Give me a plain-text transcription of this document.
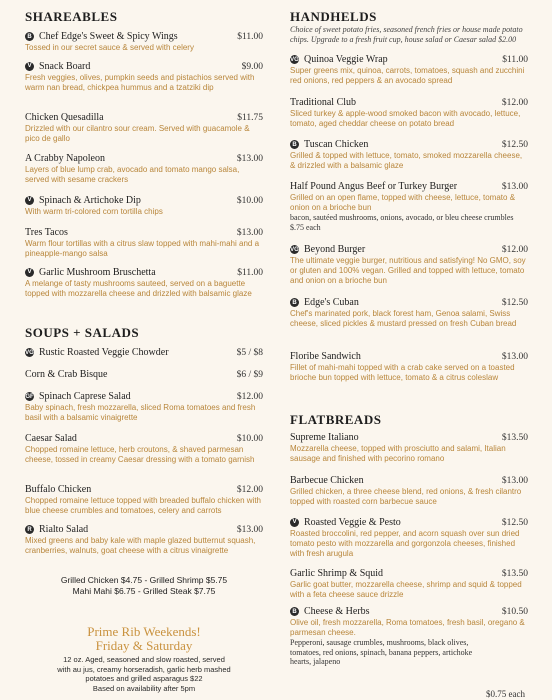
SHAREABLES
B Chef Edge's Sweet & Spicy Wings	$11.00
Tossed in our secret sauce & served with celery
V Snack Board	$9.00
Fresh veggies, olives, pumpkin seeds and pistachios served with warm nan bread, chickpea hummus and a tzatziki dip
Chicken Quesadilla	$11.75
Drizzled with our cilantro sour cream. Served with guacamole & pico de gallo
A Crabby Napoleon	$13.00
Layers of blue lump crab, avocado and tomato mango salsa, served with sesame crackers
V Spinach & Artichoke Dip	$10.00
With warm tri-colored corn tortilla chips
Tres Tacos	$13.00
Warm flour tortillas with a citrus slaw topped with mahi-mahi and a pineapple-mango salsa
V Garlic Mushroom Bruschetta	$11.00
A melange of tasty mushrooms sauteed, served on a baguette topped with mozzarella cheese and drizzled with balsamic glaze
SOUPS + SALADS
VG Rustic Roasted Veggie Chowder	$5 / $8
Corn & Crab Bisque	$6 / $9
GF Spinach Caprese Salad	$12.00
Baby spinach, fresh mozzarella, sliced Roma tomatoes and fresh basil with a balsamic vinaigrette
Caesar Salad	$10.00
Chopped romaine lettuce, herb croutons, & shaved parmesan cheese, tossed in creamy Caesar dressing with a tomato garnish
Buffalo Chicken	$12.00
Chopped romaine lettuce topped with breaded buffalo chicken with blue cheese crumbles and tomatoes, celery and carrots
R Rialto Salad	$13.00
Mixed greens and baby kale with maple glazed butternut squash, cranberries, walnuts, goat cheese with a citrus vinaigrette
Grilled Chicken $4.75 - Grilled Shrimp $5.75
Mahi Mahi $6.75 - Grilled Steak $7.75
Prime Rib Weekends!
Friday & Saturday
12 oz. Aged, seasoned and slow roasted, served
with au jus, creamy horseradish, garlic herb mashed
potatoes and grilled asparagus $22
Based on availability after 5pm
HANDHELDS
Choice of sweet potato fries, seasoned french fries or house made potato chips. Upgrade to a fresh fruit cup, house salad or Caesar salad $2.00
VG Quinoa Veggie Wrap	$11.00
Super greens mix, quinoa, carrots, tomatoes, squash and zucchini red onions, red peppers & an avocado spread
Traditional Club	$12.00
Sliced turkey & apple-wood smoked bacon with avocado, lettuce, tomato, aged cheddar cheese on potato bread
B Tuscan Chicken	$12.50
Grilled & topped with lettuce, tomato, smoked mozzarella cheese, & drizzled with a balsamic glaze
Half Pound Angus Beef or Turkey Burger	$13.00
Grilled on an open flame, topped with cheese, lettuce, tomato & onion on a brioche bun
bacon, sautéed mushrooms, onions, avocado, or bleu cheese crumbles $.75 each
VG Beyond Burger	$12.00
The ultimate veggie burger, nutritious and satisfying! No GMO, soy or gluten and 100% vegan. Grilled and topped with lettuce, tomato and onion on a brioche bun
B Edge's Cuban	$12.50
Chef's marinated pork, black forest ham, Genoa salami, Swiss cheese, sliced pickles & mustard pressed on fresh Cuban bread
Floribe Sandwich	$13.00
Fillet of mahi-mahi topped with a crab cake served on a toasted brioche bun topped with lettuce, tomato & a citrus coleslaw
FLATBREADS
Supreme Italiano	$13.50
Mozzarella cheese, topped with prosciutto and salami, Italian sausage and finished with pecorino romano
Barbecue Chicken	$13.00
Grilled chicken, a three cheese blend, red onions, & fresh cilantro topped with roasted corn barbecue sauce
V Roasted Veggie & Pesto	$12.50
Roasted broccolini, red pepper, and acorn squash over sun dried tomato pesto with mozzarella and gorgonzola cheeses, finished with fresh arugula
Garlic Shrimp & Squid	$13.50
Garlic goat butter, mozzarella cheese, shrimp and squid & topped with a feta cheese sauce drizzle
B Cheese & Herbs	$10.50
Olive oil, fresh mozzarella, Roma tomatoes, fresh basil, oregano & parmesan cheese.
Pepperoni, sausage crumbles, mushrooms, black olives, tomatoes, red onions, spinach, banana peppers, artichoke hearts, jalapeno
$0.75 each
